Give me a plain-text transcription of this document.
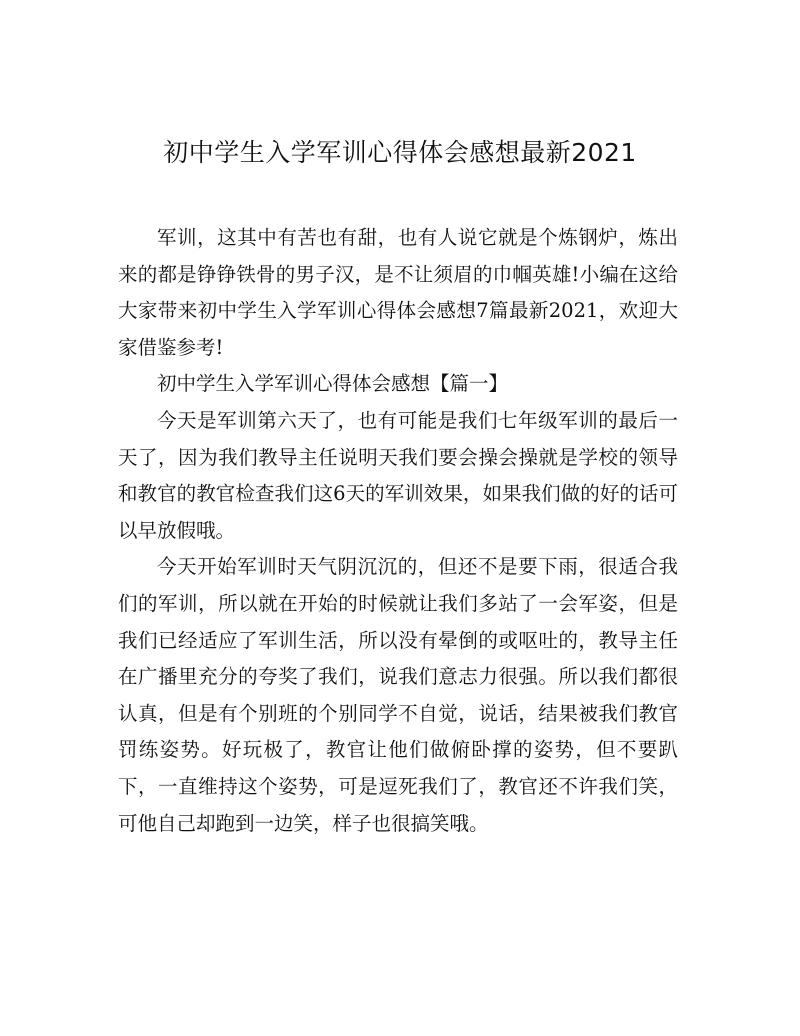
初中学生入学军训心得体会感想最新2021

军训，这其中有苦也有甜，也有人说它就是个炼钢炉，炼出来的都是铮铮铁骨的男子汉，是不让须眉的巾帼英雄!小编在这给大家带来初中学生入学军训心得体会感想7篇最新2021，欢迎大家借鉴参考!

初中学生入学军训心得体会感想【篇一】

今天是军训第六天了，也有可能是我们七年级军训的最后一天了，因为我们教导主任说明天我们要会操会操就是学校的领导和教官的教官检查我们这6天的军训效果，如果我们做的好的话可以早放假哦。

今天开始军训时天气阴沉沉的，但还不是要下雨，很适合我们的军训，所以就在开始的时候就让我们多站了一会军姿，但是我们已经适应了军训生活，所以没有晕倒的或呕吐的，教导主任在广播里充分的夸奖了我们，说我们意志力很强。所以我们都很认真，但是有个别班的个别同学不自觉，说话，结果被我们教官罚练姿势。好玩极了，教官让他们做俯卧撑的姿势，但不要趴下，一直维持这个姿势，可是逗死我们了，教官还不许我们笑，可他自己却跑到一边笑，样子也很搞笑哦。
